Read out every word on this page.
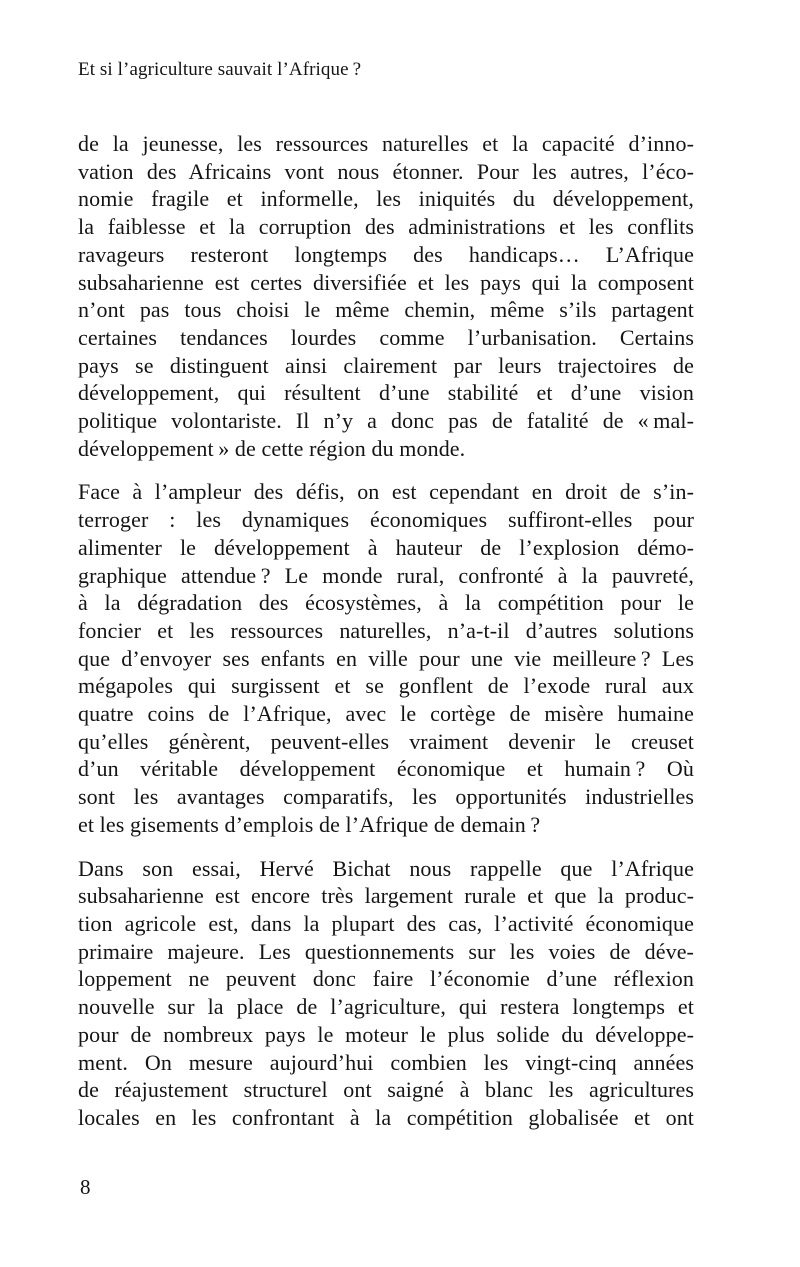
Et si l’agriculture sauvait l’Afrique ?

de la jeunesse, les ressources naturelles et la capacité d’inno-
vation des Africains vont nous étonner. Pour les autres, l’éco-
nomie fragile et informelle, les iniquités du développement,
la faiblesse et la corruption des administrations et les conflits
ravageurs resteront longtemps des handicaps… L’Afrique
subsaharienne est certes diversifiée et les pays qui la composent
n’ont pas tous choisi le même chemin, même s’ils partagent
certaines tendances lourdes comme l’urbanisation. Certains
pays se distinguent ainsi clairement par leurs trajectoires de
développement, qui résultent d’une stabilité et d’une vision
politique volontariste. Il n’y a donc pas de fatalité de « mal-
développement » de cette région du monde.

Face à l’ampleur des défis, on est cependant en droit de s’in-
terroger : les dynamiques économiques suffiront-elles pour
alimenter le développement à hauteur de l’explosion démo-
graphique attendue ? Le monde rural, confronté à la pauvreté,
à la dégradation des écosystèmes, à la compétition pour le
foncier et les ressources naturelles, n’a-t-il d’autres solutions
que d’envoyer ses enfants en ville pour une vie meilleure ? Les
mégapoles qui surgissent et se gonflent de l’exode rural aux
quatre coins de l’Afrique, avec le cortège de misère humaine
qu’elles génèrent, peuvent-elles vraiment devenir le creuset
d’un véritable développement économique et humain ? Où
sont les avantages comparatifs, les opportunités industrielles
et les gisements d’emplois de l’Afrique de demain ?

Dans son essai, Hervé Bichat nous rappelle que l’Afrique
subsaharienne est encore très largement rurale et que la produc-
tion agricole est, dans la plupart des cas, l’activité économique
primaire majeure. Les questionnements sur les voies de déve-
loppement ne peuvent donc faire l’économie d’une réflexion
nouvelle sur la place de l’agriculture, qui restera longtemps et
pour de nombreux pays le moteur le plus solide du développe-
ment. On mesure aujourd’hui combien les vingt-cinq années
de réajustement structurel ont saigné à blanc les agricultures
locales en les confrontant à la compétition globalisée et ont

8
